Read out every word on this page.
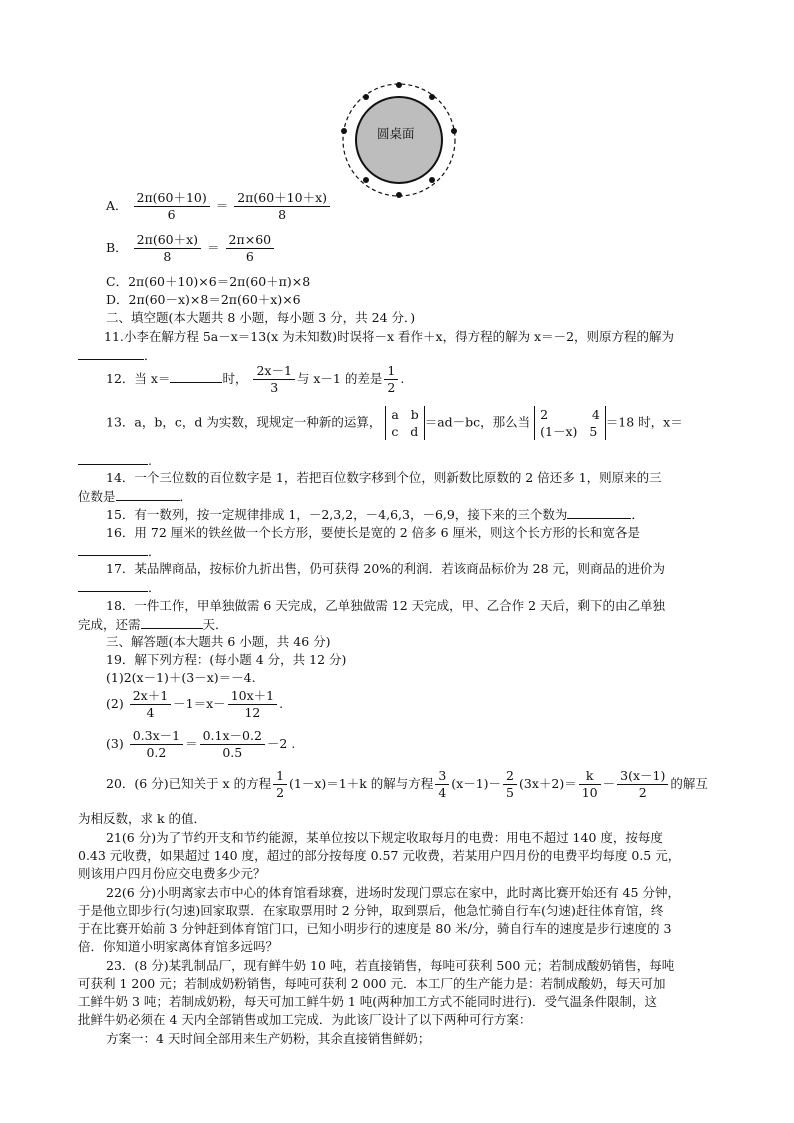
圆桌面
A． $\frac{2\pi(60+10)}{6} = \frac{2\pi(60+10+x)}{8}$
B． $\frac{2\pi(60+x)}{8} = \frac{2\pi\times 60}{6}$
C．2π(60＋10)×6＝2π(60＋π)×8
D．2π(60－x)×8＝2π(60＋x)×6
二、填空题(本大题共 8 小题，每小题 3 分，共 24 分．)
11.小李在解方程 5a－x＝13(x 为未知数)时误将－x 看作＋x，得方程的解为 x＝－2，则原方程的解为
．
12．当 x＝	时， $\frac{2x-1}{3}$ 与 x－1 的差是 $\frac{1}{2}$ .
13．a，b，c，d 为实数，现规定一种新的运算， a   b
c   d
＝ad－bc，那么当 2           4
(1－x)   5
＝18 时，x＝
.
14．一个三位数的百位数字是 1，若把百位数字移到个位，则新数比原数的 2 倍还多 1，则原来的三
位数是	．
15．有一数列，按一定规律排成 1，－2,3,2，－4,6,3，－6,9，接下来的三个数为	．
16．用 72 厘米的铁丝做一个长方形，要使长是宽的 2 倍多 6 厘米，则这个长方形的长和宽各是
．
17．某品牌商品，按标价九折出售，仍可获得 20%的利润．若该商品标价为 28 元，则商品的进价为
．
18．一件工作，甲单独做需 6 天完成，乙单独做需 12 天完成，甲、乙合作 2 天后，剩下的由乙单独
完成，还需	天．
三、解答题(本大题共 6 小题，共 46 分)
19．解下列方程：(每小题 4 分，共 12 分)
(1)2(x－1)＋(3－x)＝－4.
$(2) \frac{2x+1}{4} -1=x- \frac{10x+1}{12}$ .
$(3) \frac{0.3x-1}{0.2} = \frac{0.1x-0.2}{0.5} -2$ .
20．(6 分)已知关于 x 的方程 $\frac{1}{2} (1-x)=1+k$ 的解与方程 $\frac{3}{4} (x-1)- \frac{2}{5} (3x+2)= \frac{k}{10} - \frac{3(x-1)}{2}$ 的解互
为相反数，求 k 的值．
21(6 分)为了节约开支和节约能源，某单位按以下规定收取每月的电费：用电不超过 140 度，按每度
0.43 元收费，如果超过 140 度，超过的部分按每度 0.57 元收费，若某用户四月份的电费平均每度 0.5 元，
则该用户四月份应交电费多少元？
22(6 分)小明离家去市中心的体育馆看球赛，进场时发现门票忘在家中，此时离比赛开始还有 45 分钟，
于是他立即步行(匀速)回家取票．在家取票用时 2 分钟，取到票后，他急忙骑自行车(匀速)赶往体育馆，终
于在比赛开始前 3 分钟赶到体育馆门口，已知小明步行的速度是 80 米/分，骑自行车的速度是步行速度的 3
倍．你知道小明家离体育馆多远吗？
23．(8 分)某乳制品厂，现有鲜牛奶 10 吨，若直接销售，每吨可获利 500 元；若制成酸奶销售，每吨
可获利 1 200 元；若制成奶粉销售，每吨可获利 2 000 元．本工厂的生产能力是：若制成酸奶，每天可加
工鲜牛奶 3 吨；若制成奶粉，每天可加工鲜牛奶 1 吨(两种加工方式不能同时进行)．受气温条件限制，这
批鲜牛奶必须在 4 天内全部销售或加工完成．为此该厂设计了以下两种可行方案：
方案一：4 天时间全部用来生产奶粉，其余直接销售鲜奶；
